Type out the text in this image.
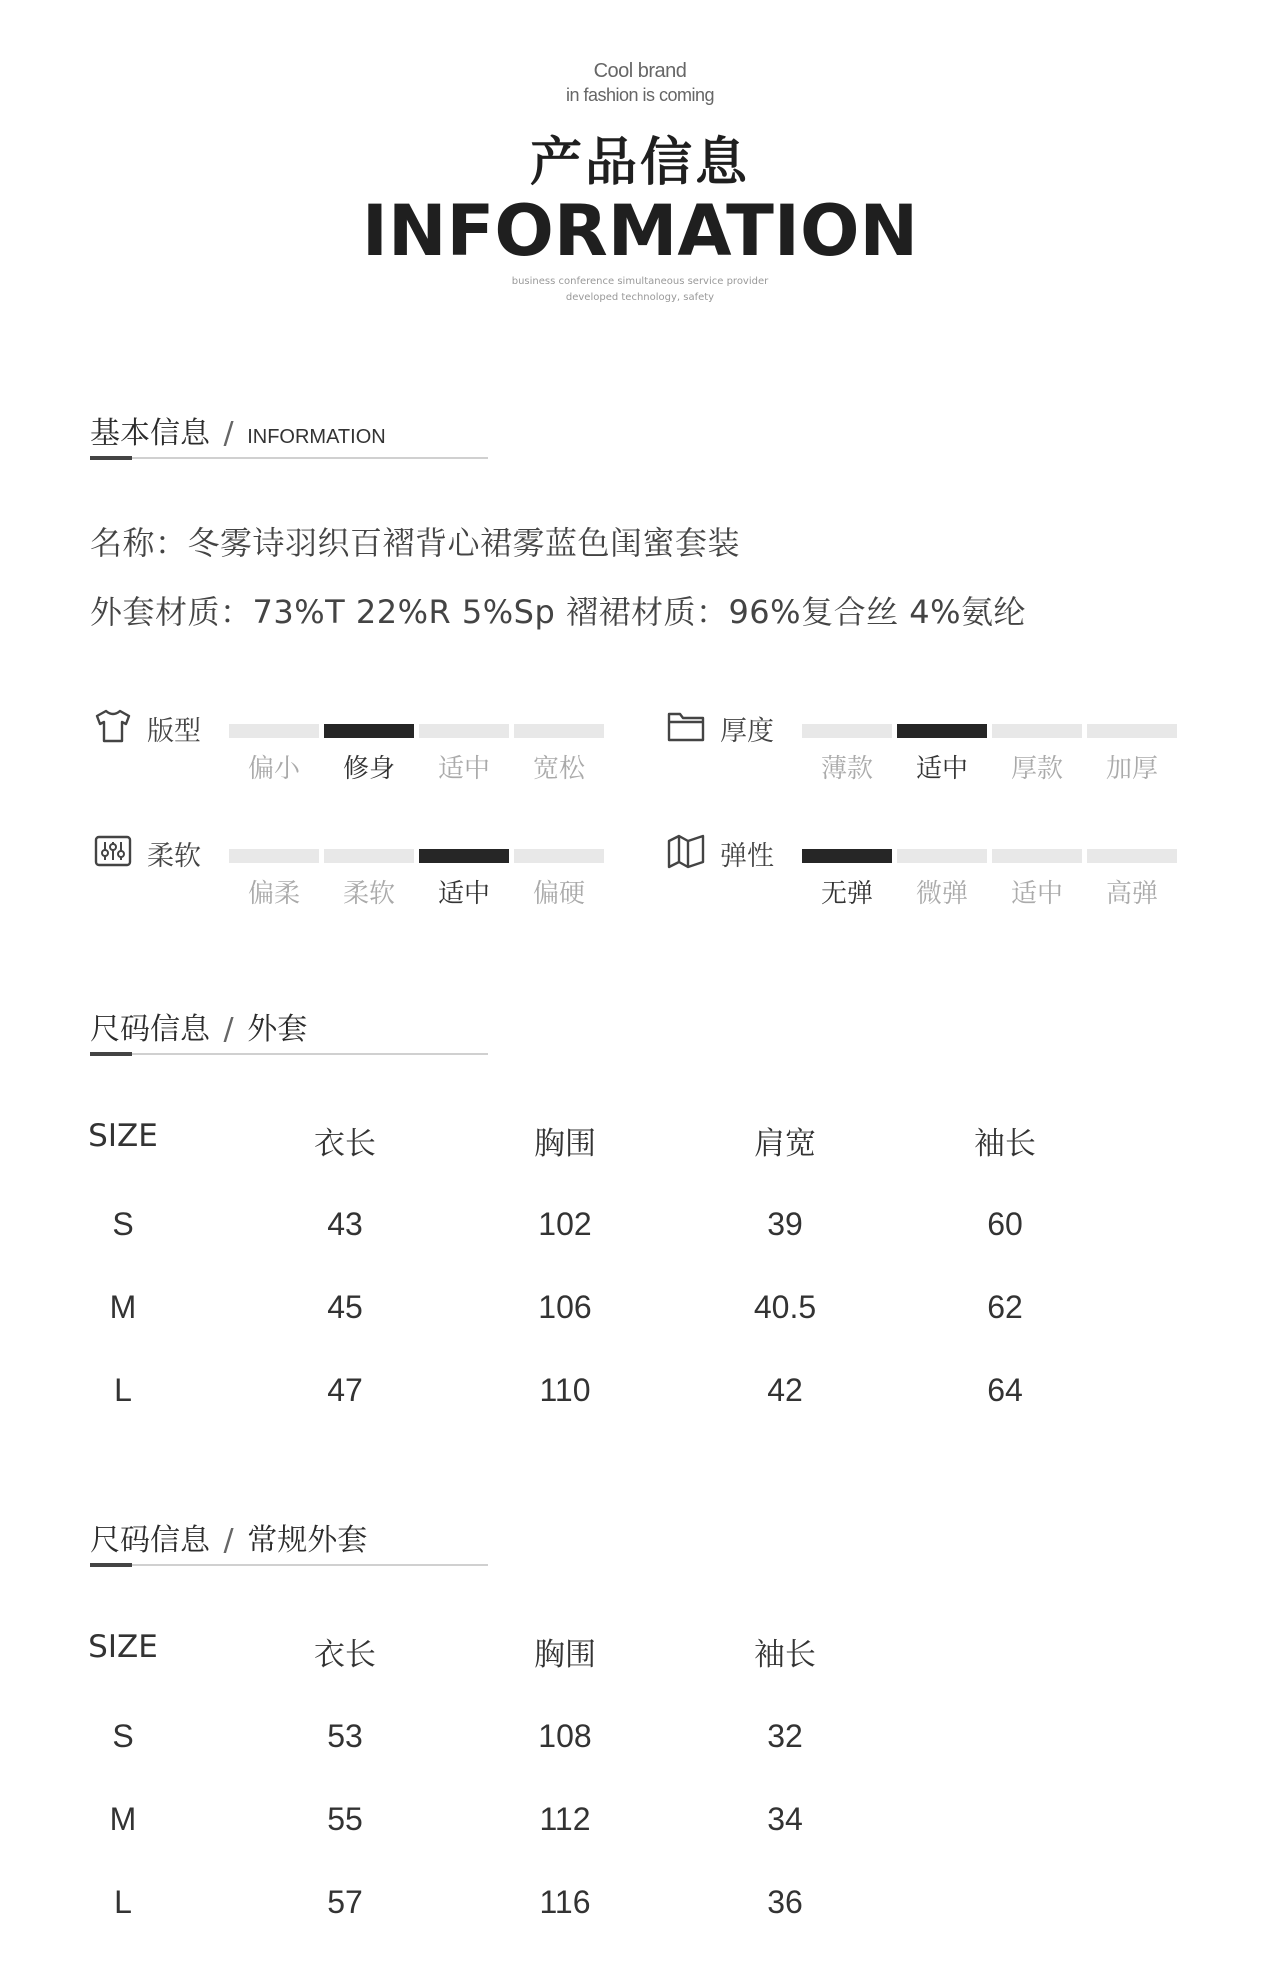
Cool brand
in fashion is coming
产品信息
INFORMATION
business conference simultaneous service provider
developed technology, safety
基本信息 / INFORMATION
名称：冬雾诗羽织百褶背心裙雾蓝色闺蜜套装
外套材质：73%T 22%R 5%Sp 褶裙材质：96%复合丝 4%氨纶
版型
偏小	修身	适中	宽松
厚度
薄款	适中	厚款	加厚
柔软
偏柔	柔软	适中	偏硬
弹性
无弹	微弹	适中	高弹
尺码信息 / 外套
SIZE	衣长	胸围	肩宽	袖长
S	43	102	39	60
M	45	106	40.5	62
L	47	110	42	64
尺码信息 / 常规外套
SIZE	衣长	胸围	袖长
S	53	108	32
M	55	112	34
L	57	116	36
